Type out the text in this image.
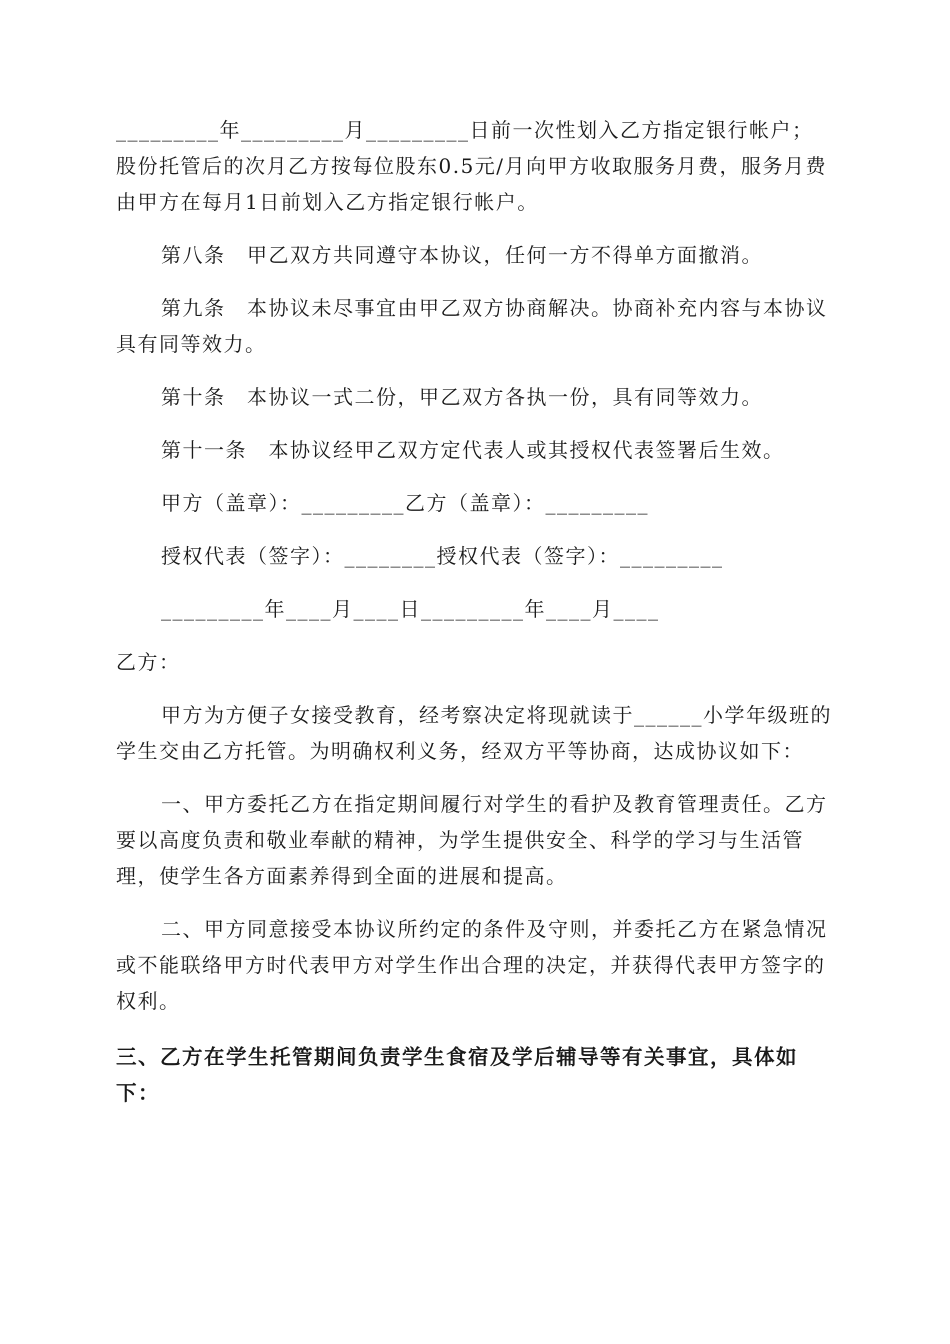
_________年_________月_________日前一次性划入乙方指定银行帐户；股份托管后的次月乙方按每位股东0.5元/月向甲方收取服务月费，服务月费由甲方在每月1日前划入乙方指定银行帐户。

第八条　甲乙双方共同遵守本协议，任何一方不得单方面撤消。

第九条　本协议未尽事宜由甲乙双方协商解决。协商补充内容与本协议具有同等效力。

第十条　本协议一式二份，甲乙双方各执一份，具有同等效力。

第十一条　本协议经甲乙双方定代表人或其授权代表签署后生效。

甲方（盖章）：_________乙方（盖章）：_________

授权代表（签字）：________授权代表（签字）：_________

_________年____月____日_________年____月____

乙方：

甲方为方便子女接受教育，经考察决定将现就读于______小学年级班的学生交由乙方托管。为明确权利义务，经双方平等协商，达成协议如下：

一、甲方委托乙方在指定期间履行对学生的看护及教育管理责任。乙方要以高度负责和敬业奉献的精神，为学生提供安全、科学的学习与生活管理，使学生各方面素养得到全面的进展和提高。

二、甲方同意接受本协议所约定的条件及守则，并委托乙方在紧急情况或不能联络甲方时代表甲方对学生作出合理的决定，并获得代表甲方签字的权利。

三、乙方在学生托管期间负责学生食宿及学后辅导等有关事宜，具体如下：
